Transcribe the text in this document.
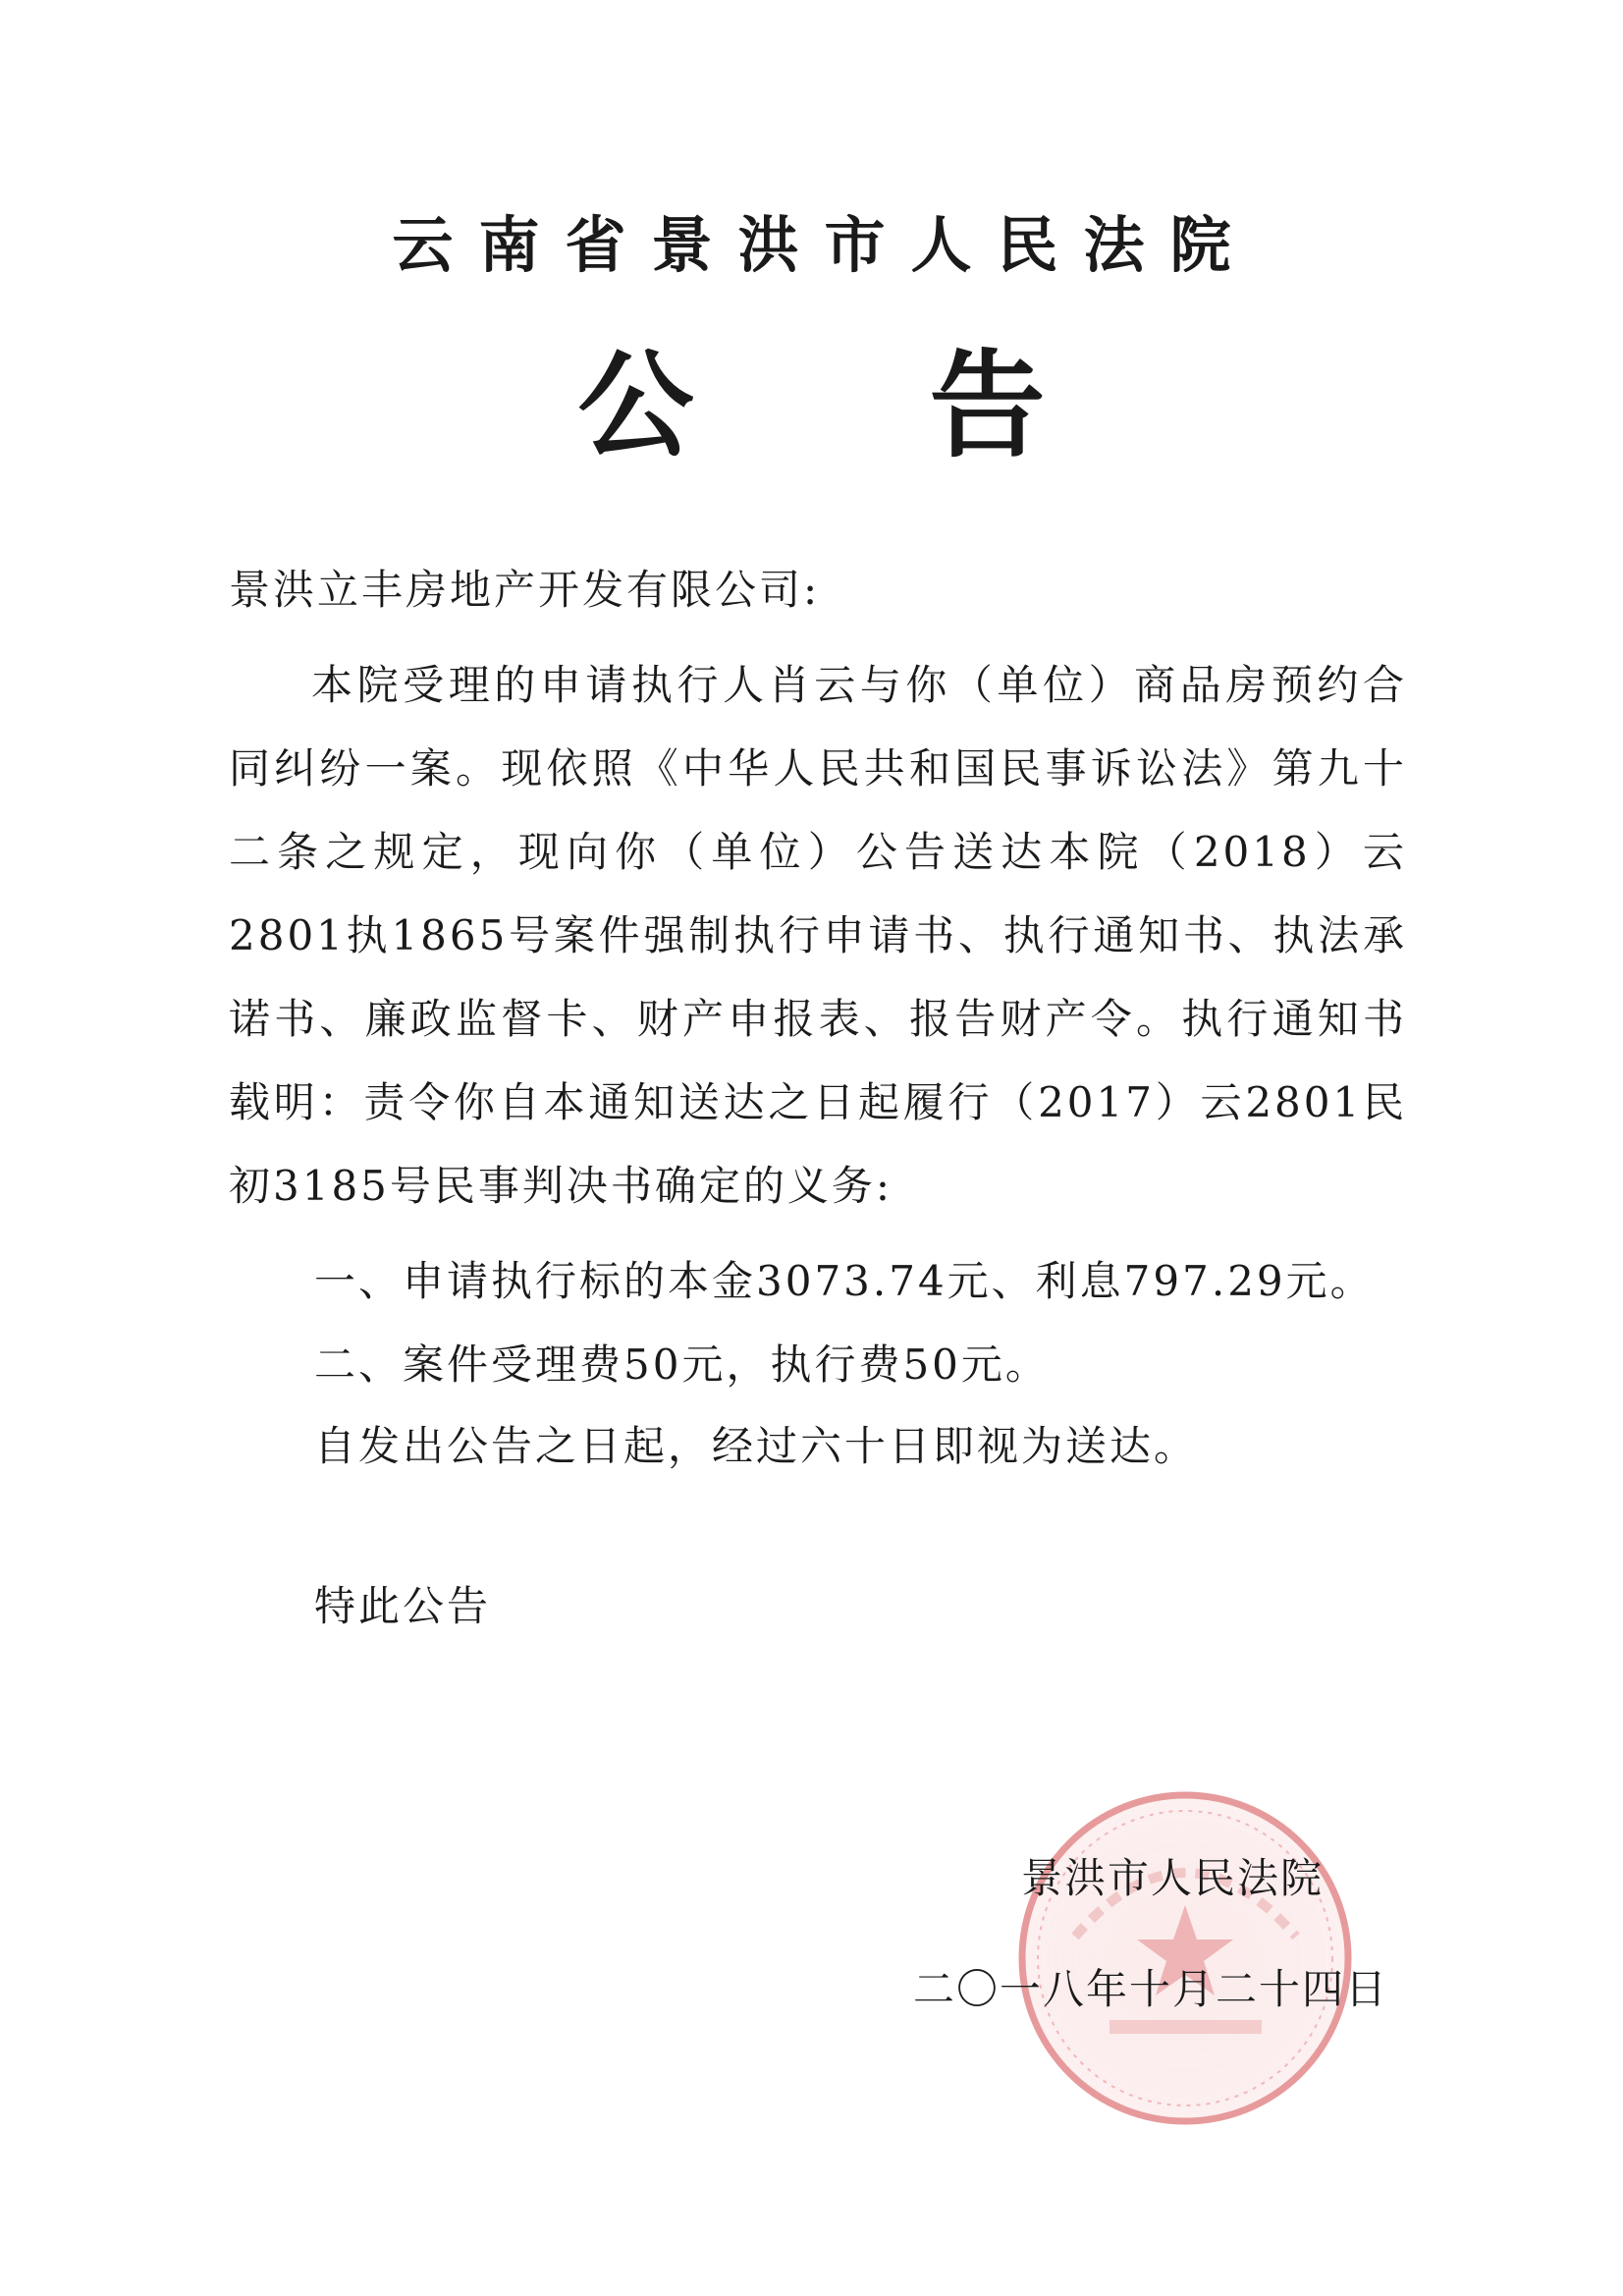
云南省景洪市人民法院
公告
景洪立丰房地产开发有限公司:

本院受理的申请执行人肖云与你（单位）商品房预约合同纠纷一案。现依照《中华人民共和国民事诉讼法》第九十二条之规定，现向你（单位）公告送达本院（2018）云2801执1865号案件强制执行申请书、执行通知书、执法承诺书、廉政监督卡、财产申报表、报告财产令。执行通知书载明：责令你自本通知送达之日起履行（2017）云2801民初3185号民事判决书确定的义务:

一、申请执行标的本金3073.74元、利息797.29元。
二、案件受理费50元，执行费50元。
自发出公告之日起，经过六十日即视为送达。
特此公告
景洪市人民法院
二〇一八年十月二十四日
